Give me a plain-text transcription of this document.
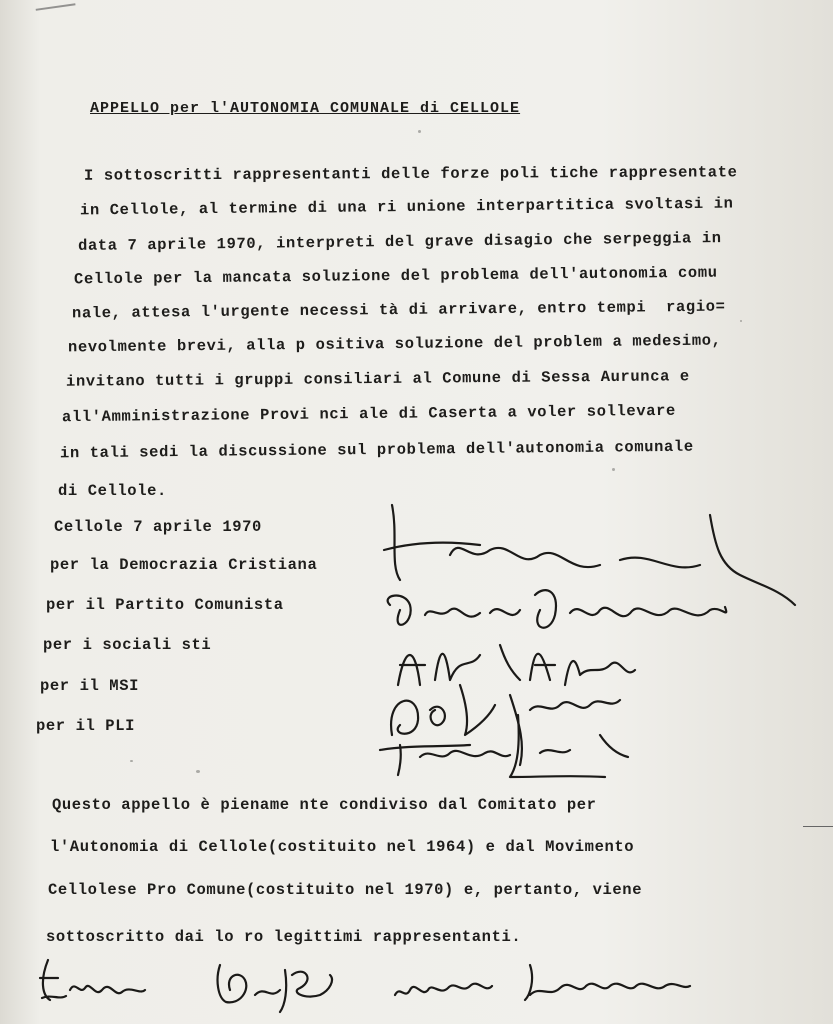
APPELLO per l'AUTONOMIA COMUNALE di CELLOLE
I sottoscritti rappresentanti delle forze poli tiche rappresentate
in Cellole, al termine di una ri unione interpartitica svoltasi in
data 7 aprile 1970, interpreti del grave disagio che serpeggia in
Cellole per la mancata soluzione del problema dell'autonomia comu
nale, attesa l'urgente necessi tà di arrivare, entro tempi  ragio=
nevolmente brevi, alla p ositiva soluzione del problem a medesimo,
invitano tutti i gruppi consiliari al Comune di Sessa Aurunca e
all'Amministrazione Provi nci ale di Caserta a voler sollevare
in tali sedi la discussione sul problema dell'autonomia comunale
di Cellole.
Cellole 7 aprile 1970
per la Democrazia Cristiana
per il Partito Comunista
per i sociali sti
per il MSI
per il PLI
Questo appello è piename nte condiviso dal Comitato per
l'Autonomia di Cellole(costituito nel 1964) e dal Movimento
Cellolese Pro Comune(costituito nel 1970) e, pertanto, viene
sottoscritto dai lo ro legittimi rappresentanti.
